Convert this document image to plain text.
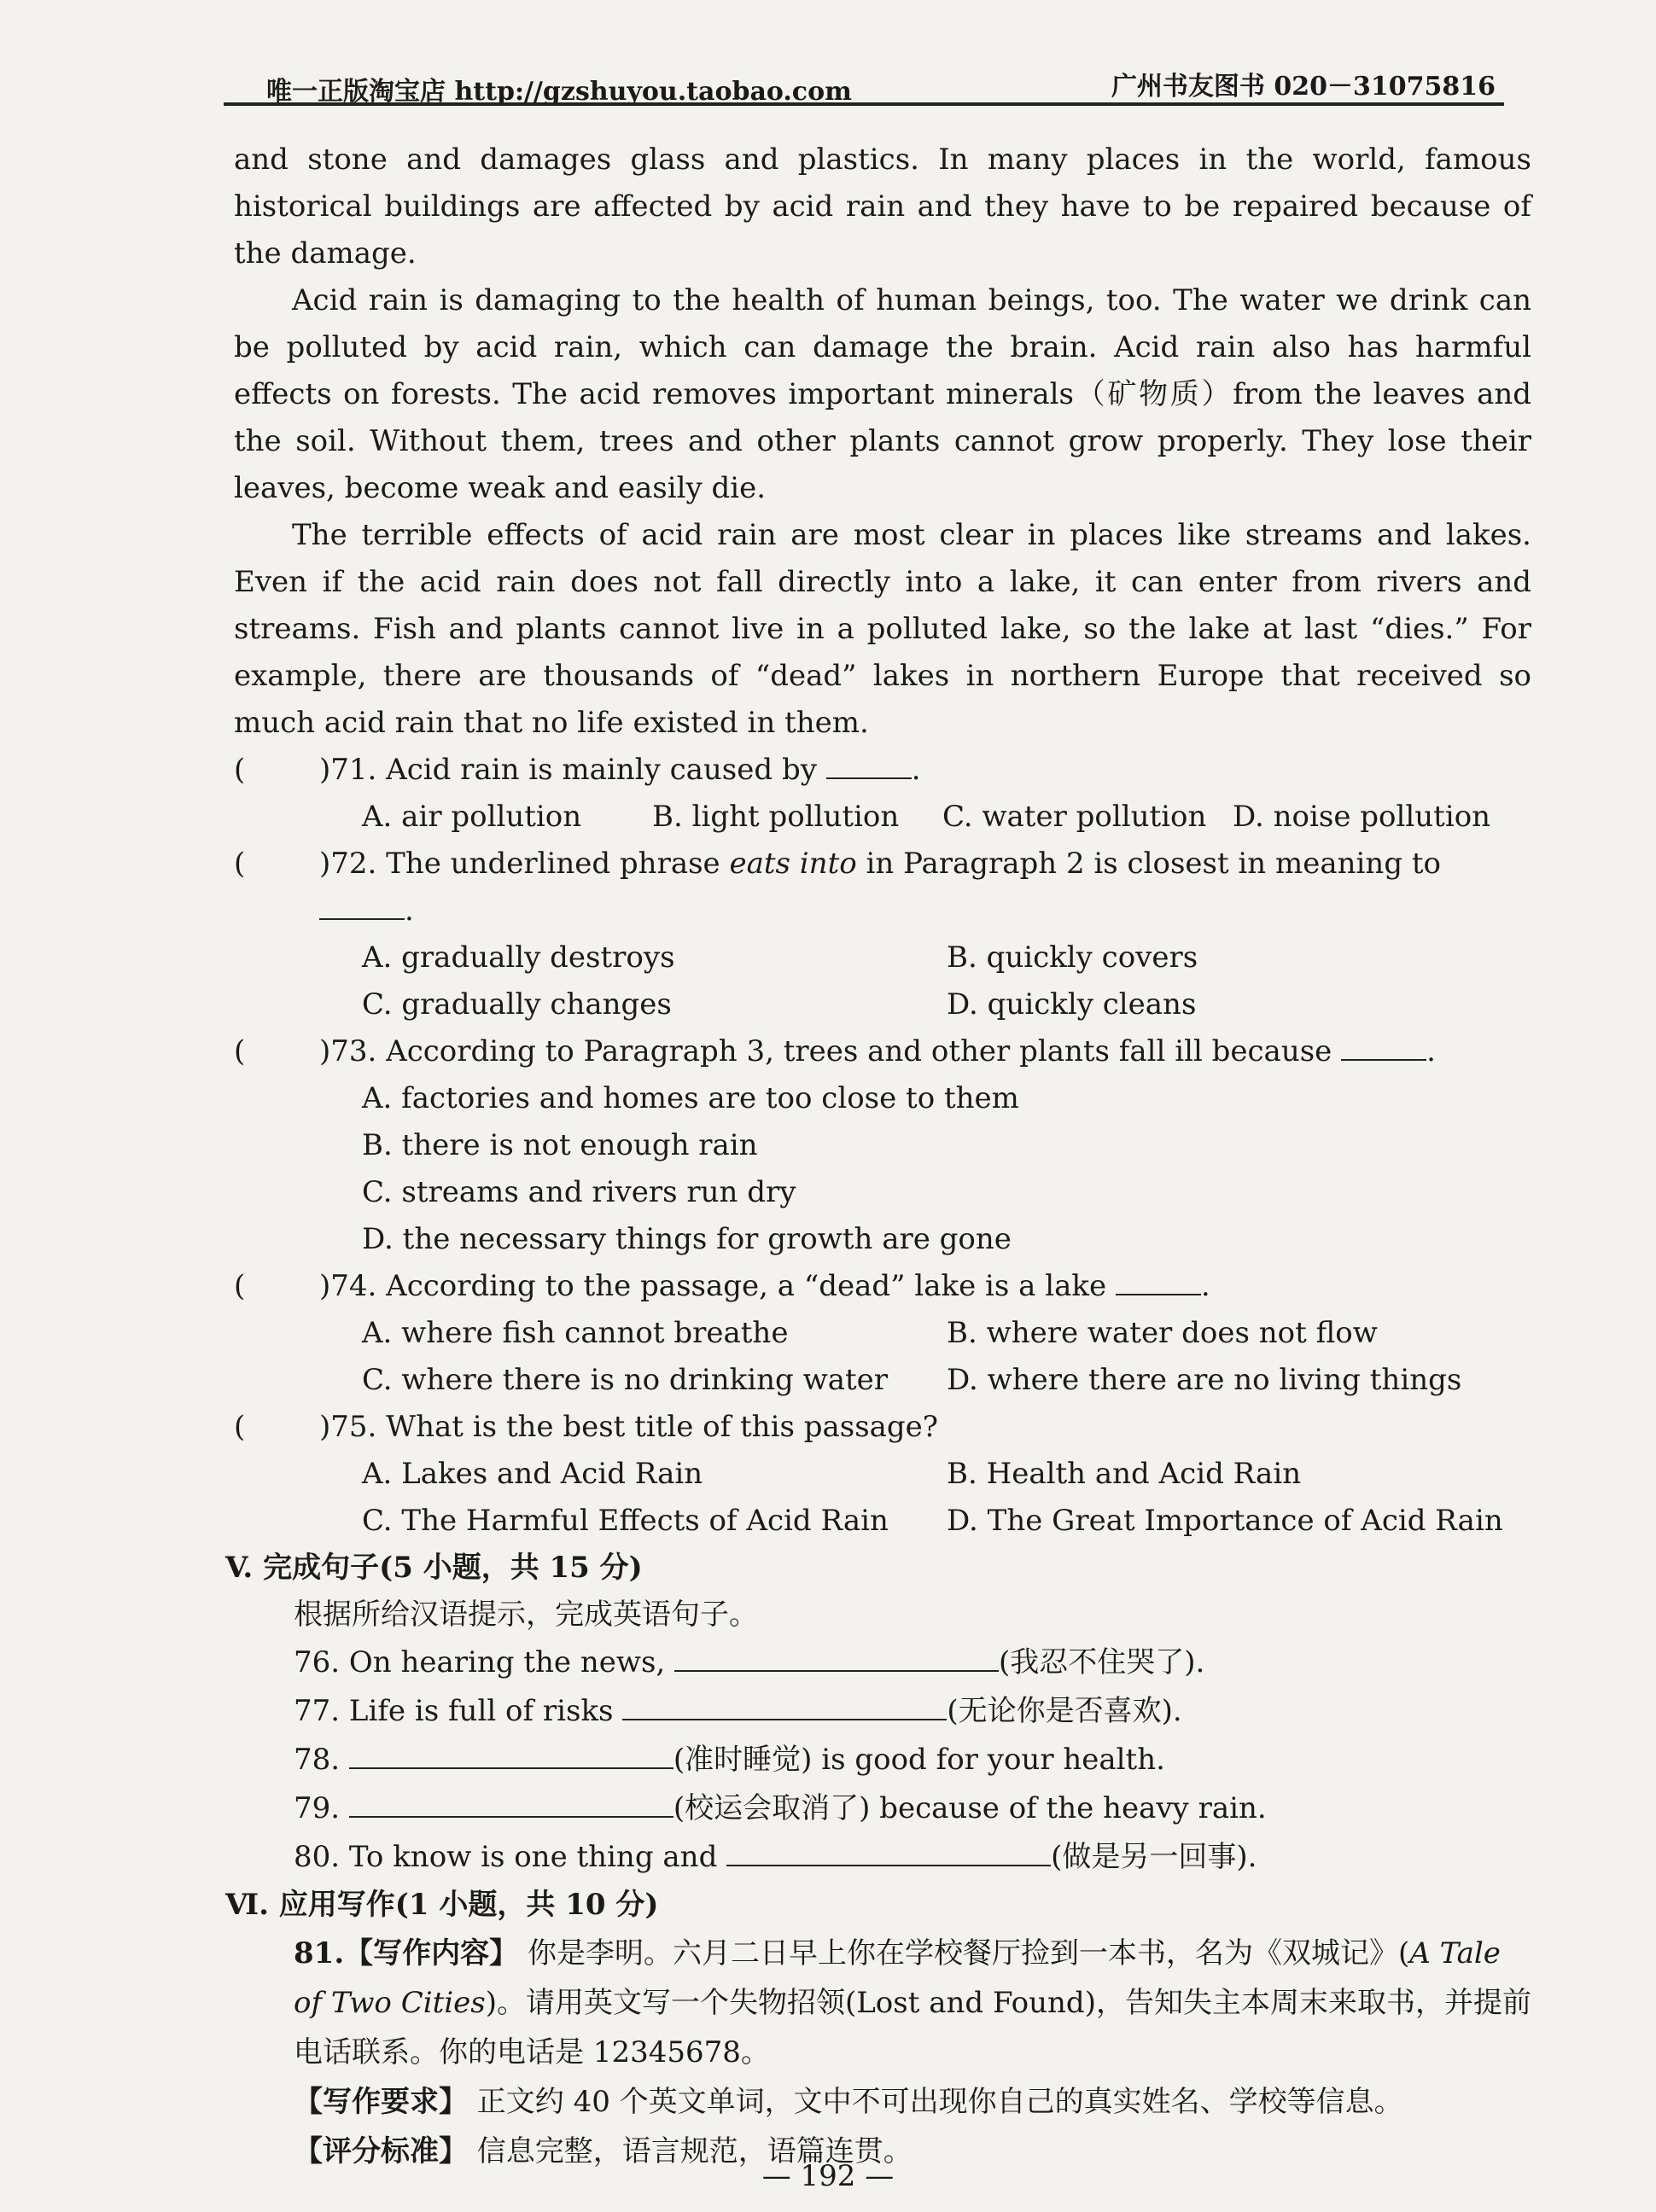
唯一正版淘宝店 http://gzshuyou.taobao.com	广州书友图书 020－31075816

and stone and damages glass and plastics. In many places in the world, famous historical buildings are affected by acid rain and they have to be repaired because of the damage.

Acid rain is damaging to the health of human beings, too. The water we drink can be polluted by acid rain, which can damage the brain. Acid rain also has harmful effects on forests. The acid removes important minerals（矿物质）from the leaves and the soil. Without them, trees and other plants cannot grow properly. They lose their leaves, become weak and easily die.

The terrible effects of acid rain are most clear in places like streams and lakes. Even if the acid rain does not fall directly into a lake, it can enter from rivers and streams. Fish and plants cannot live in a polluted lake, so the lake at last “dies.” For example, there are thousands of “dead” lakes in northern Europe that received so much acid rain that no life existed in them.

(	)71. Acid rain is mainly caused by	.
A. air pollution	B. light pollution	C. water pollution D. noise pollution
(	)72. The underlined phrase eats into in Paragraph 2 is closest in meaning to .
A. gradually destroys	B. quickly covers
C. gradually changes	D. quickly cleans
(	)73. According to Paragraph 3, trees and other plants fall ill because	.
A. factories and homes are too close to them
B. there is not enough rain
C. streams and rivers run dry
D. the necessary things for growth are gone
(	)74. According to the passage, a “dead” lake is a lake	.
A. where fish cannot breathe	B. where water does not flow
C. where there is no drinking water	D. where there are no living things
(	)75. What is the best title of this passage?
A. Lakes and Acid Rain	B. Health and Acid Rain
C. The Harmful Effects of Acid Rain	D. The Great Importance of Acid Rain
V. 完成句子(5 小题，共 15 分)
根据所给汉语提示，完成英语句子。
76. On hearing the news,	(我忍不住哭了).
77. Life is full of risks	(无论你是否喜欢).
78.	(准时睡觉) is good for your health.
79.	(校运会取消了) because of the heavy rain.
80. To know is one thing and	(做是另一回事).
Ⅵ. 应用写作(1 小题，共 10 分)
81.【写作内容】 你是李明。六月二日早上你在学校餐厅捡到一本书，名为《双城记》(A Tale of Two Cities)。请用英文写一个失物招领(Lost and Found)，告知失主本周末来取书，并提前电话联系。你的电话是 12345678。
【写作要求】 正文约 40 个英文单词，文中不可出现你自己的真实姓名、学校等信息。
【评分标准】 信息完整，语言规范，语篇连贯。
— 192 —
